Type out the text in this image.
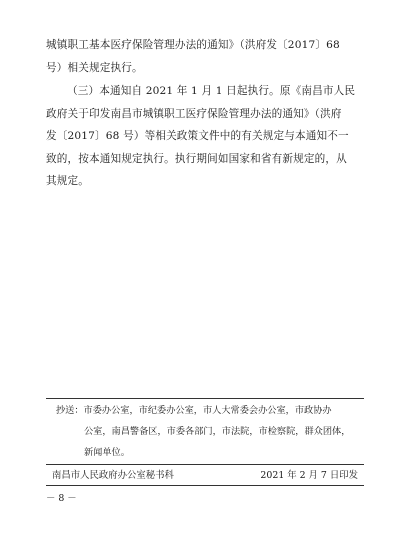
城镇职工基本医疗保险管理办法的通知》（洪府发〔2017〕68
号）相关规定执行。
（三）本通知自 2021 年 1 月 1 日起执行。原《南昌市人民
政府关于印发南昌市城镇职工医疗保险管理办法的通知》（洪府
发〔2017〕68 号）等相关政策文件中的有关规定与本通知不一
致的，按本通知规定执行。执行期间如国家和省有新规定的，从
其规定。
抄送：市委办公室，市纪委办公室，市人大常委会办公室，市政协办
公室，南昌警备区，市委各部门，市法院，市检察院，群众团体，
新闻单位。
南昌市人民政府办公室秘书科	2021 年 2 月 7 日印发
－ 8 －
